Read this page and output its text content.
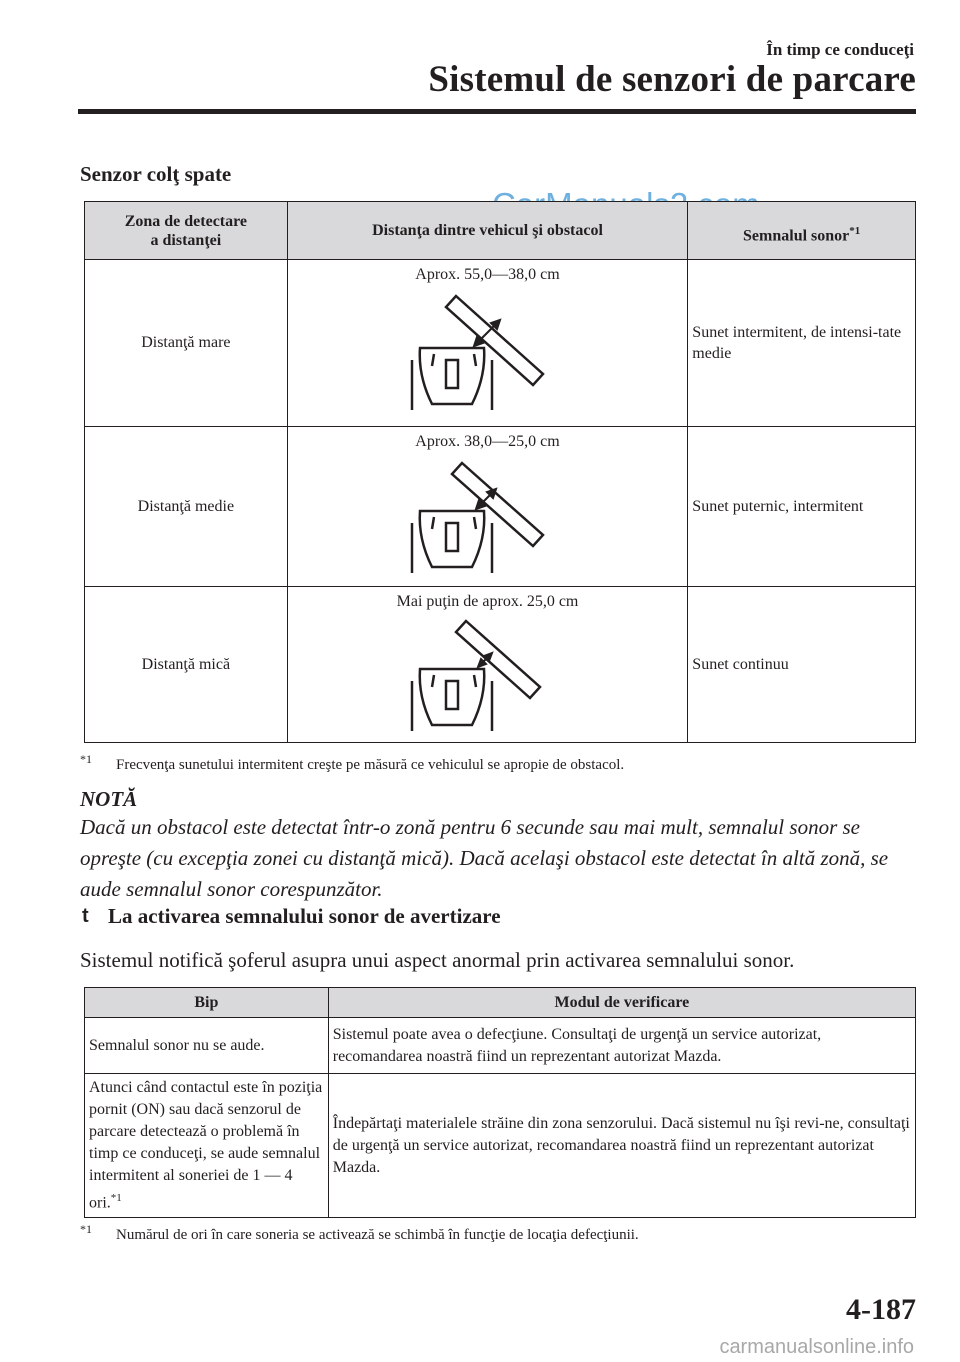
În timp ce conduceţi
Sistemul de senzori de parcare
Senzor colţ spate
Zona de detectare
a distanţei	Distanţa dintre vehicul şi obstacol	Semnalul sonor$^{*1}$
Distanţă mare	Aprox. 55,0—38,0 cm	Sunet intermitent, de intensi-tate medie
Distanţă medie	Aprox. 38,0—25,0 cm	Sunet puternic, intermitent
Distanţă mică	Mai puţin de aprox. 25,0 cm	Sunet continuu
$^{*1}$ Frecvenţa sunetului intermitent creşte pe măsură ce vehiculul se apropie de obstacol.
NOTĂ
Dacă un obstacol este detectat într-o zonă pentru 6 secunde sau mai mult, semnalul sonor se opreşte (cu excepţia zonei cu distanţă mică). Dacă acelaşi obstacol este detectat în altă zonă, se aude semnalul sonor corespunzător.
t La activarea semnalului sonor de avertizare
Sistemul notifică şoferul asupra unui aspect anormal prin activarea semnalului sonor.
Bip	Modul de verificare
Semnalul sonor nu se aude.	Sistemul poate avea o defecţiune. Consultaţi de urgenţă un service autorizat, recomandarea noastră fiind un reprezentant autorizat Mazda.
Atunci când contactul este în poziţia pornit (ON) sau dacă senzorul de parcare detectează o problemă în timp ce conduceţi, se aude semnalul intermitent al soneriei de 1 — 4 ori.$^{*1}$	Îndepărtaţi materialele străine din zona senzorului. Dacă sistemul nu îşi revi-ne, consultaţi de urgenţă un service autorizat, recomandarea noastră fiind un reprezentant autorizat Mazda.
$^{*1}$ Numărul de ori în care soneria se activează se schimbă în funcţie de locaţia defecţiunii.
4-187
carmanualsonline.info
